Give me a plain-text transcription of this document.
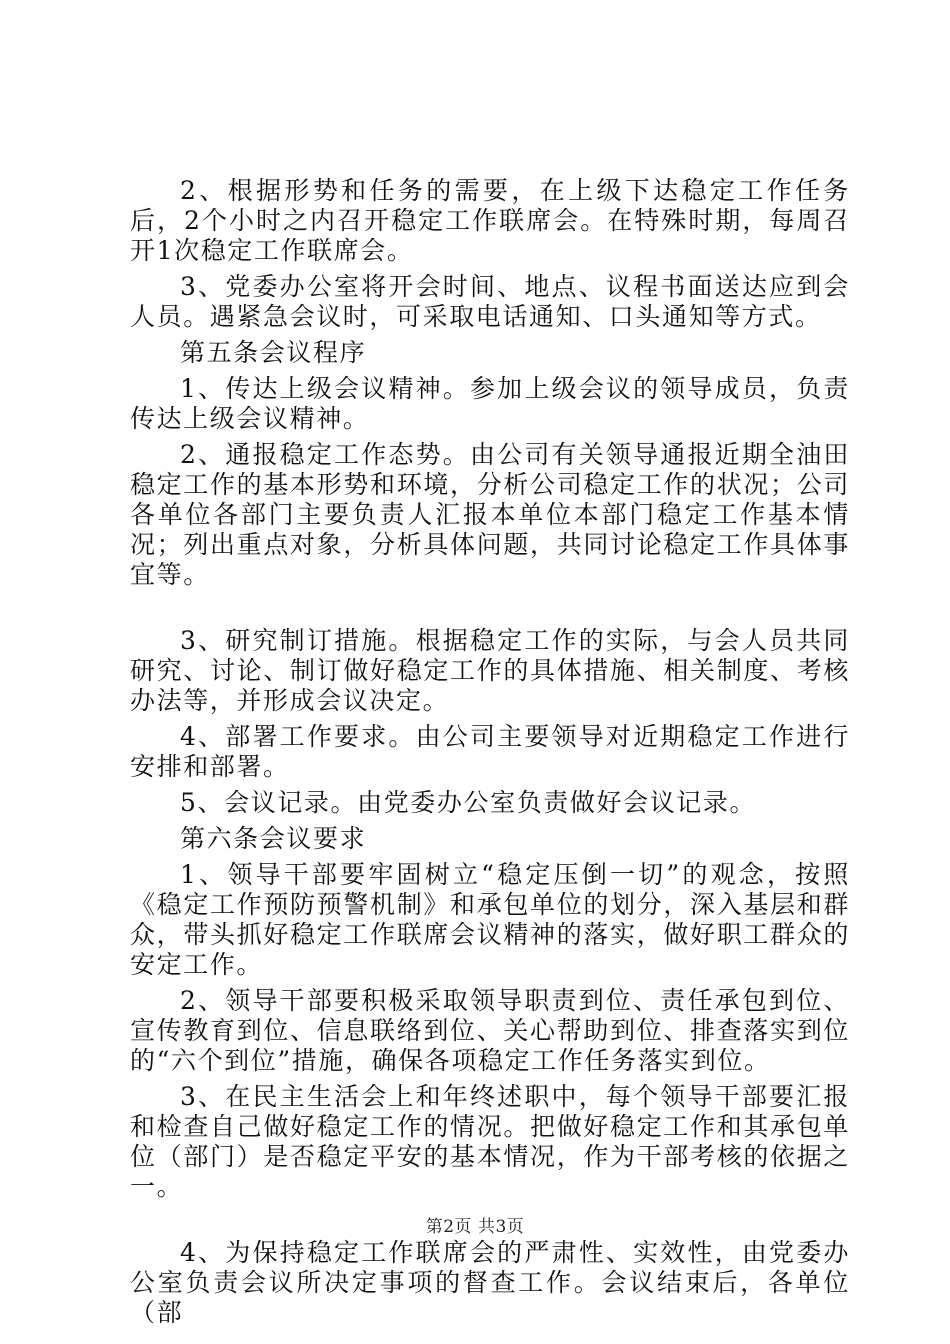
2、根据形势和任务的需要，在上级下达稳定工作任务后，2个小时之内召开稳定工作联席会。在特殊时期，每周召开1次稳定工作联席会。

3、党委办公室将开会时间、地点、议程书面送达应到会人员。遇紧急会议时，可采取电话通知、口头通知等方式。

第五条会议程序

1、传达上级会议精神。参加上级会议的领导成员，负责传达上级会议精神。

2、通报稳定工作态势。由公司有关领导通报近期全油田稳定工作的基本形势和环境，分析公司稳定工作的状况；公司各单位各部门主要负责人汇报本单位本部门稳定工作基本情况；列出重点对象，分析具体问题，共同讨论稳定工作具体事宜等。

3、研究制订措施。根据稳定工作的实际，与会人员共同研究、讨论、制订做好稳定工作的具体措施、相关制度、考核办法等，并形成会议决定。

4、部署工作要求。由公司主要领导对近期稳定工作进行安排和部署。

5、会议记录。由党委办公室负责做好会议记录。

第六条会议要求

1、领导干部要牢固树立“稳定压倒一切”的观念，按照《稳定工作预防预警机制》和承包单位的划分，深入基层和群众，带头抓好稳定工作联席会议精神的落实，做好职工群众的安定工作。

2、领导干部要积极采取领导职责到位、责任承包到位、宣传教育到位、信息联络到位、关心帮助到位、排查落实到位的“六个到位”措施，确保各项稳定工作任务落实到位。

3、在民主生活会上和年终述职中，每个领导干部要汇报和检查自己做好稳定工作的情况。把做好稳定工作和其承包单位（部门）是否稳定平安的基本情况，作为干部考核的依据之一。

4、为保持稳定工作联席会的严肃性、实效性，由党委办公室负责会议所决定事项的督查工作。会议结束后，各单位（部

第2页 共3页
